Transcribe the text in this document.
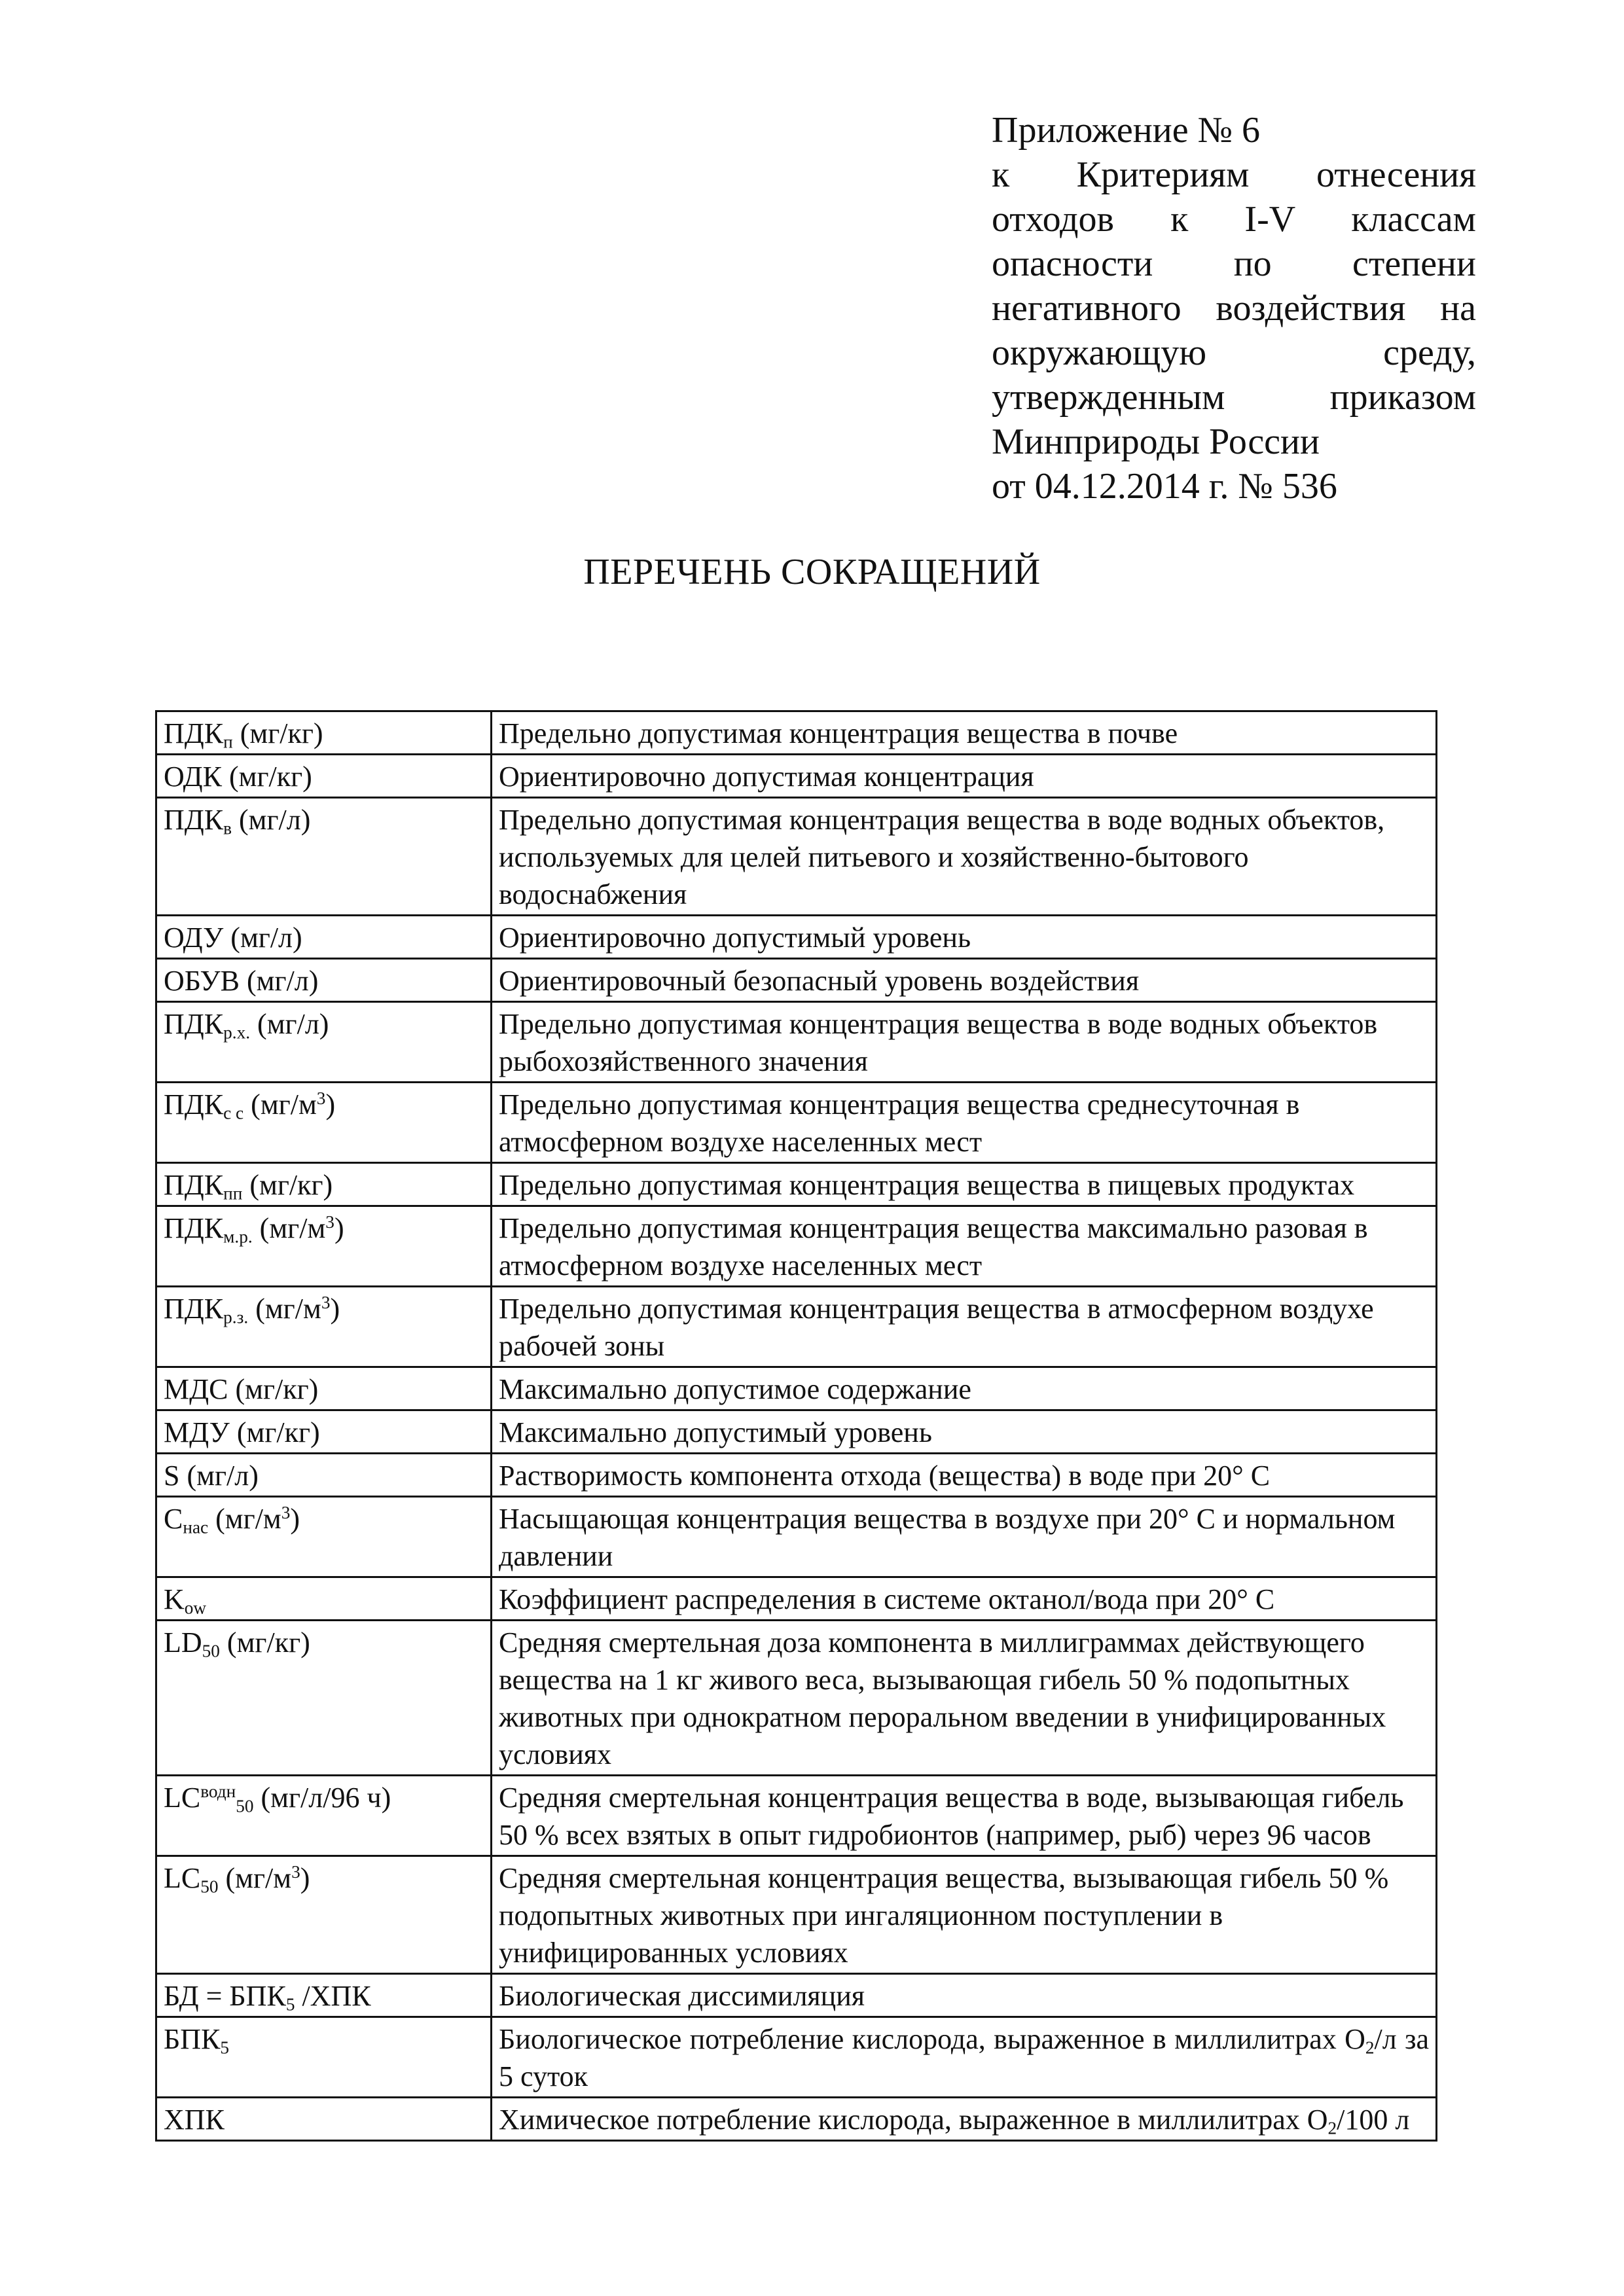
Приложение № 6
к Критериям отнесения
отходов к I-V классам
опасности по степени
негативного воздействия на
окружающую среду,
утвержденным приказом
Минприроды России
от 04.12.2014 г. № 536
ПЕРЕЧЕНЬ СОКРАЩЕНИЙ
$ПДК_п$ (мг/кг)	Предельно допустимая концентрация вещества в почве
ОДК (мг/кг)	Ориентировочно допустимая концентрация
$ПДК_в$ (мг/л)	Предельно допустимая концентрация вещества в воде водных объектов, используемых для целей питьевого и хозяйственно-бытового водоснабжения
ОДУ (мг/л)	Ориентировочно допустимый уровень
ОБУВ (мг/л)	Ориентировочный безопасный уровень воздействия
$ПДК_{р.х.}$ (мг/л)	Предельно допустимая концентрация вещества в воде водных объектов рыбохозяйственного значения
$ПДК_{с с}$ $(мг/м^3)$	Предельно допустимая концентрация вещества среднесуточная в атмосферном воздухе населенных мест
$ПДК_{пп}$ (мг/кг)	Предельно допустимая концентрация вещества в пищевых продуктах
$ПДК_{м.р.}$ $(мг/м^3)$	Предельно допустимая концентрация вещества максимально разовая в атмосферном воздухе населенных мест
$ПДК_{р.з.}$ $(мг/м^3)$	Предельно допустимая концентрация вещества в атмосферном воздухе рабочей зоны
МДС (мг/кг)	Максимально допустимое содержание
МДУ (мг/кг)	Максимально допустимый уровень
S (мг/л)	Растворимость компонента отхода (вещества) в воде при 20° С
$С_{нас}$ $(мг/м^3)$	Насыщающая концентрация вещества в воздухе при 20° С и нормальном давлении
$K_{ow}$	Коэффициент распределения в системе октанол/вода при 20° С
$LD_{50}$ (мг/кг)	Средняя смертельная доза компонента в миллиграммах действующего вещества на 1 кг живого веса, вызывающая гибель 50 % подопытных животных при однократном пероральном введении в унифицированных условиях
$LC^{водн}_{50}$ (мг/л/96 ч)	Средняя смертельная концентрация вещества в воде, вызывающая гибель 50 % всех взятых в опыт гидробионтов (например, рыб) через 96 часов
$LC_{50}$ $(мг/м^3)$	Средняя смертельная концентрация вещества, вызывающая гибель 50 % подопытных животных при ингаляционном поступлении в унифицированных условиях
БД = $БПК_5$ /ХПК	Биологическая диссимиляция
$БПК_5$	Биологическое потребление кислорода, выраженное в миллилитрах $О_2/л$ за 5 суток
ХПК	Химическое потребление кислорода, выраженное в миллилитрах $О_2/100$ л
